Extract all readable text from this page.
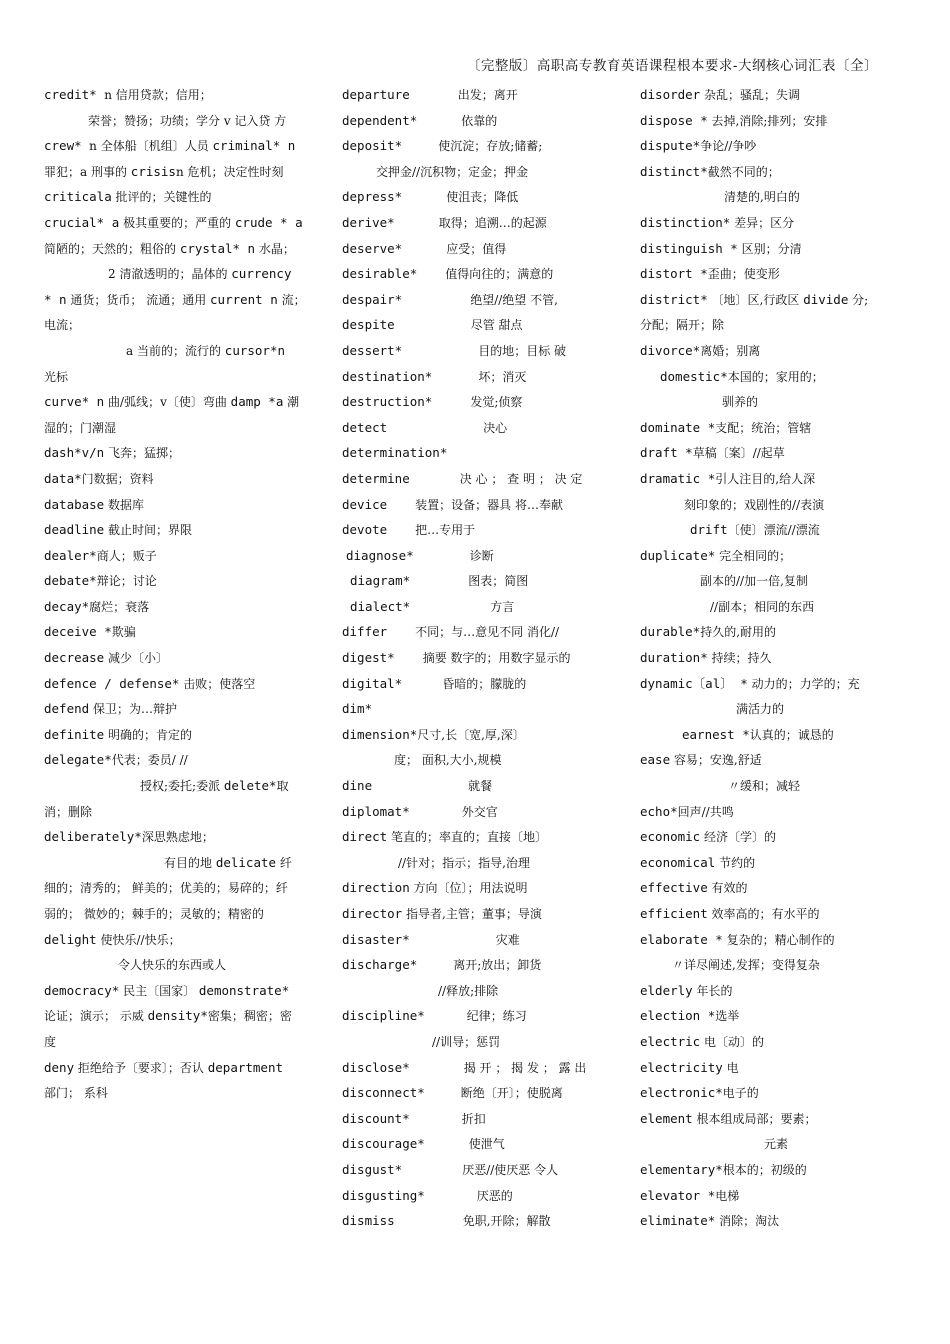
〔完整版〕高职高专教育英语课程根本要求-大纲核心词汇表〔全〕
credit* n 信用贷款；信用；
荣誉；赞扬；功绩；学分 v 记入贷 方
crew* n 全体船〔机组〕人员 criminal* n
罪犯；a 刑事的 crisisn 危机；决定性时刻
criticala 批评的；关键性的
crucial* a 极其重要的；严重的 crude * a
简陋的；天然的；粗俗的 crystal* n 水晶；
2 清澈透明的；晶体的 currency
* n 通货；货币； 流通；通用 current n 流；
电流；
a 当前的；流行的 cursor*n
光标
curve* n 曲/弧线；v〔使〕弯曲 damp *a 潮
湿的；门潮湿
dash*v/n 飞奔；猛掷；
data*门数据；资料
database 数据库
deadline 截止时间；界限
dealer*商人；贩子
debate*辩论；讨论
decay*腐烂；衰落
deceive *欺骗
decrease 减少〔小〕
defence / defense* 击败；使落空
defend 保卫；为…辩护
definite 明确的；肯定的
delegate*代表；委员/ //
授权;委托;委派 delete*取
消；删除
deliberately*深思熟虑地；
有目的地 delicate 纤
细的；清秀的； 鲜美的；优美的；易碎的；纤
弱的； 微妙的；棘手的；灵敏的；精密的
delight 使快乐//快乐；
令人快乐的东西或人
democracy* 民主〔国家〕 demonstrate*
论证；演示； 示威 density*密集；稠密；密
度
deny 拒绝给予〔要求〕；否认 department
部门； 系科
departure	出发；离开
dependent*	依靠的
deposit*	使沉淀；存放;储蓄;
交押金//沉积物；定金；押金
depress*	使沮丧；降低
derive*	取得；追溯…的起源
deserve*	应受；值得
desirable* 值得向往的；满意的
despair*	绝望//绝望 不管,
despite	尽管 甜点
dessert*	目的地；目标 破
destination*	坏；消灭
destruction*	发觉;侦察
detect	决心
determination*
determine	决 心 ； 查 明 ； 决 定
device 装置；设备；器具 将…奉献
devote 把…专用于
diagnose*	诊断
diagram*	图表；简图
dialect*	方言
differ 不同；与…意见不同 消化//
digest* 摘要 数字的；用数字显示的
digital*	昏暗的；朦胧的
dim*
dimension*尺寸,长〔宽,厚,深〕
度； 面积,大小,规模
dine	就餐
diplomat*	外交官
direct 笔直的；率直的；直接〔地〕
//针对；指示；指导,治理
direction 方向〔位〕；用法说明
director 指导者,主管；董事；导演
disaster*	灾难
discharge*	离开;放出；卸货
//释放;排除
discipline*	纪律；练习
//训导；惩罚
disclose*	揭 开 ； 揭 发 ； 露 出
disconnect*	断绝〔开〕；使脱离
discount*	折扣
discourage*	使泄气
disgust*	厌恶//使厌恶 令人
disgusting*	厌恶的
dismiss	免职,开除；解散
disorder 杂乱；骚乱；失调
dispose * 去掉,消除;排列；安排
dispute*争论//争吵
distinct*截然不同的；
清楚的,明白的
distinction* 差异；区分
distinguish * 区别；分清
distort *歪曲；使变形
district* 〔地〕区,行政区 divide 分;
分配；隔开；除
divorce*离婚；别离
domestic*本国的；家用的；
驯养的
dominate *支配；统治；管辖
draft *草稿〔案〕//起草
dramatic *引人注目的,给人深
刻印象的；戏剧性的//表演
drift〔使〕漂流//漂流
duplicate* 完全相同的；
副本的//加一倍,复制
//副本；相同的东西
durable*持久的,耐用的
duration* 持续；持久
dynamic〔al〕 * 动力的；力学的；充
满活力的
earnest *认真的；诚恳的
ease 容易；安逸,舒适
〃缓和；减轻
echo*回声//共鸣
economic 经济〔学〕的
economical 节约的
effective 有效的
efficient 效率高的；有水平的
elaborate * 复杂的；精心制作的
〃详尽阐述,发挥；变得复杂
elderly 年长的
election *选举
electric 电〔动〕的
electricity 电
electronic*电子的
element 根本组成局部；要素；
元素
elementary*根本的；初级的
elevator *电梯
eliminate* 消除；淘汰
